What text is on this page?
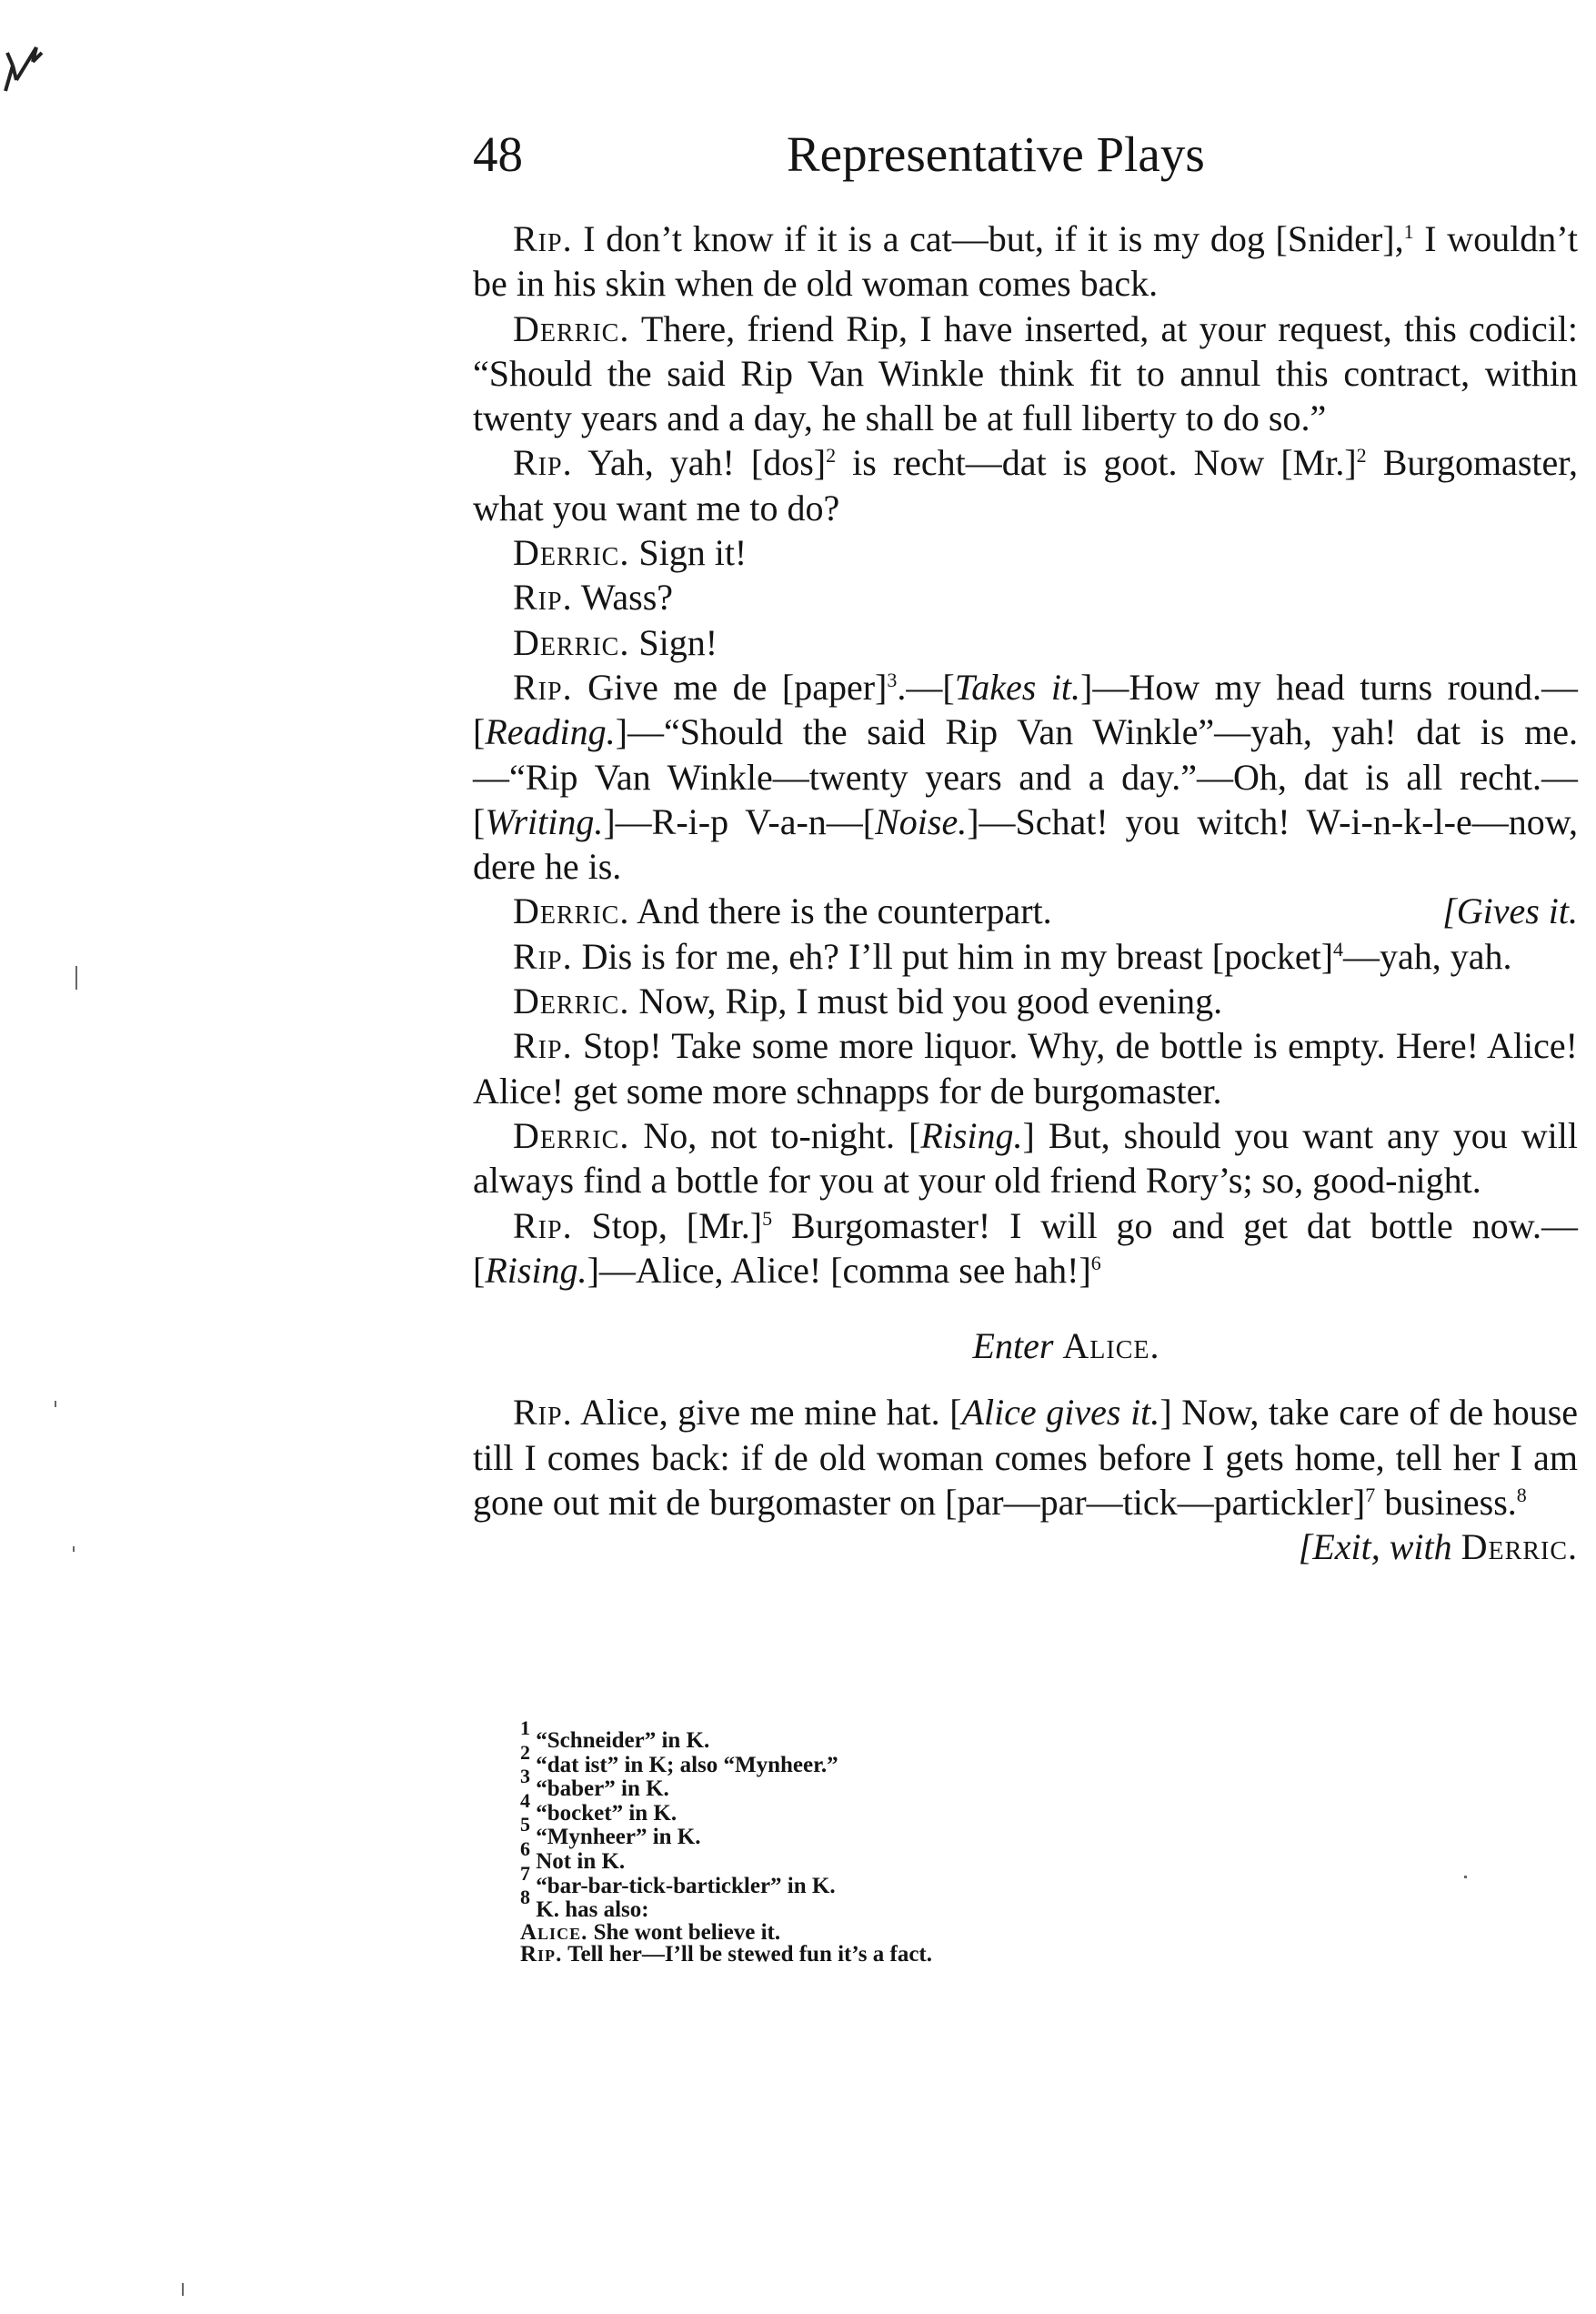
48	Representative Plays

Rip . I don’t know if it is a cat—but, if it is my dog [Snider],$^1$ I wouldn’t be in his skin when de old woman comes back.

Derric . There, friend Rip, I have inserted, at your request, this codicil: “Should the said Rip Van Winkle think fit to annul this contract, within twenty years and a day, he shall be at full liberty to do so.”

Rip . Yah, yah! [dos]$^2$ is recht—dat is goot. Now $[Mr.]^2$ Burgomaster, what you want me to do?

Derric . Sign it!

Rip . Wass?

Derric . Sign!

Rip . Give me de [paper]$^3$.—[Takes it.]—How my head turns round.—[Reading.]—“Should the said Rip Van Winkle”—yah, yah! dat is me.—“Rip Van Winkle—twenty years and a day.”—Oh, dat is all recht.—[Writing.]—R-i-p V-a-n—[Noise.]—Schat! you witch! W-i-n-k-l-e—now, dere he is.

Derric . And there is the counterpart.	[Gives it.

Rip . Dis is for me, eh? I’ll put him in my breast [pocket]$^4$—yah, yah.

Derric . Now, Rip, I must bid you good evening.

Rip . Stop! Take some more liquor. Why, de bottle is empty. Here! Alice! Alice! get some more schnapps for de burgomaster.

Derric . No, not to-night. [Rising.] But, should you want any you will always find a bottle for you at your old friend Rory’s; so, good-night.

Rip . Stop, $[Mr.]^5$ Burgomaster! I will go and get dat bottle now.—[Rising.]—Alice, Alice! [comma see hah!]$^6$

Enter Alice.

Rip . Alice, give me mine hat. [Alice gives it.] Now, take care of de house till I comes back: if de old woman comes before I gets home, tell her I am gone out mit de burgomaster on [par—par—tick—partickler]$^7$ business.$^8$
[Exit, with Derric.

$^1$ “Schneider” in K.

$^2$ “dat ist” in K; also “Mynheer.”

$^3$ “baber” in K.

$^4$ “bocket” in K.

$^5$ “Mynheer” in K.

$^6$ Not in K.

$^7$ “bar-bar-tick-bartickler” in K.

$^8$ K. has also:

Alice . She wont believe it.

Rip . Tell her—I’ll be stewed fun it’s a fact.
